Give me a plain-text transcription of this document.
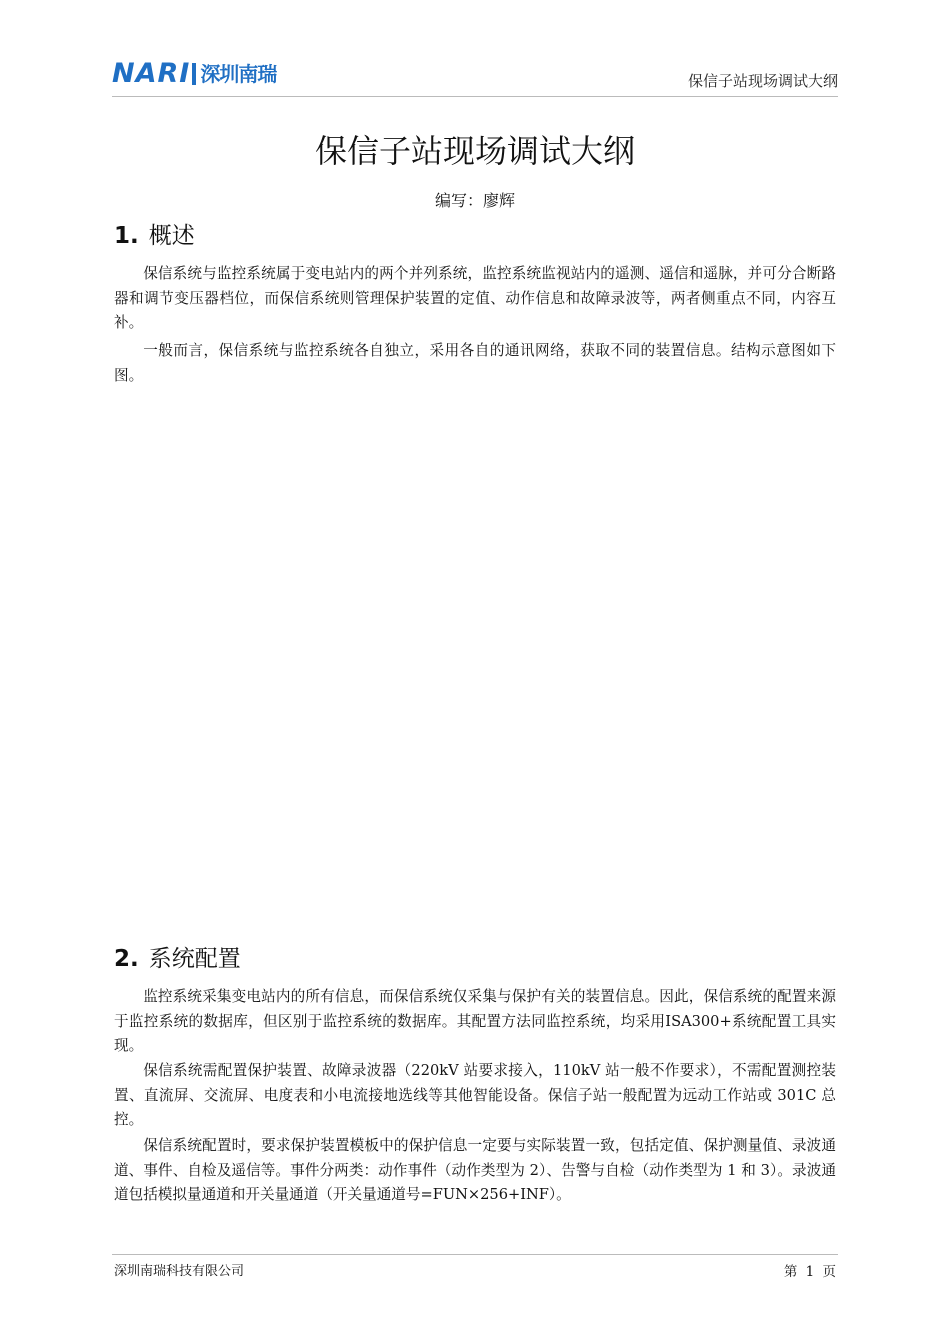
NARI 深圳南瑞	保信子站现场调试大纲
保信子站现场调试大纲
编写：廖辉
1. 概述

保信系统与监控系统属于变电站内的两个并列系统，监控系统监视站内的遥测、遥信和遥脉，并可分合断路器和调节变压器档位，而保信系统则管理保护装置的定值、动作信息和故障录波等，两者侧重点不同，内容互补。

一般而言，保信系统与监控系统各自独立，采用各自的通讯网络，获取不同的装置信息。结构示意图如下图。

2. 系统配置

监控系统采集变电站内的所有信息，而保信系统仅采集与保护有关的装置信息。因此，保信系统的配置来源于监控系统的数据库，但区别于监控系统的数据库。其配置方法同监控系统，均采用ISA300+系统配置工具实现。

保信系统需配置保护装置、故障录波器（220kV 站要求接入，110kV 站一般不作要求），不需配置测控装置、直流屏、交流屏、电度表和小电流接地选线等其他智能设备。保信子站一般配置为远动工作站或 301C 总控。

保信系统配置时，要求保护装置模板中的保护信息一定要与实际装置一致，包括定值、保护测量值、录波通道、事件、自检及遥信等。事件分两类：动作事件（动作类型为 2）、告警与自检（动作类型为 1 和 3）。录波通道包括模拟量通道和开关量通道（开关量通道号=FUN×256+INF）。

深圳南瑞科技有限公司	第 1 页
